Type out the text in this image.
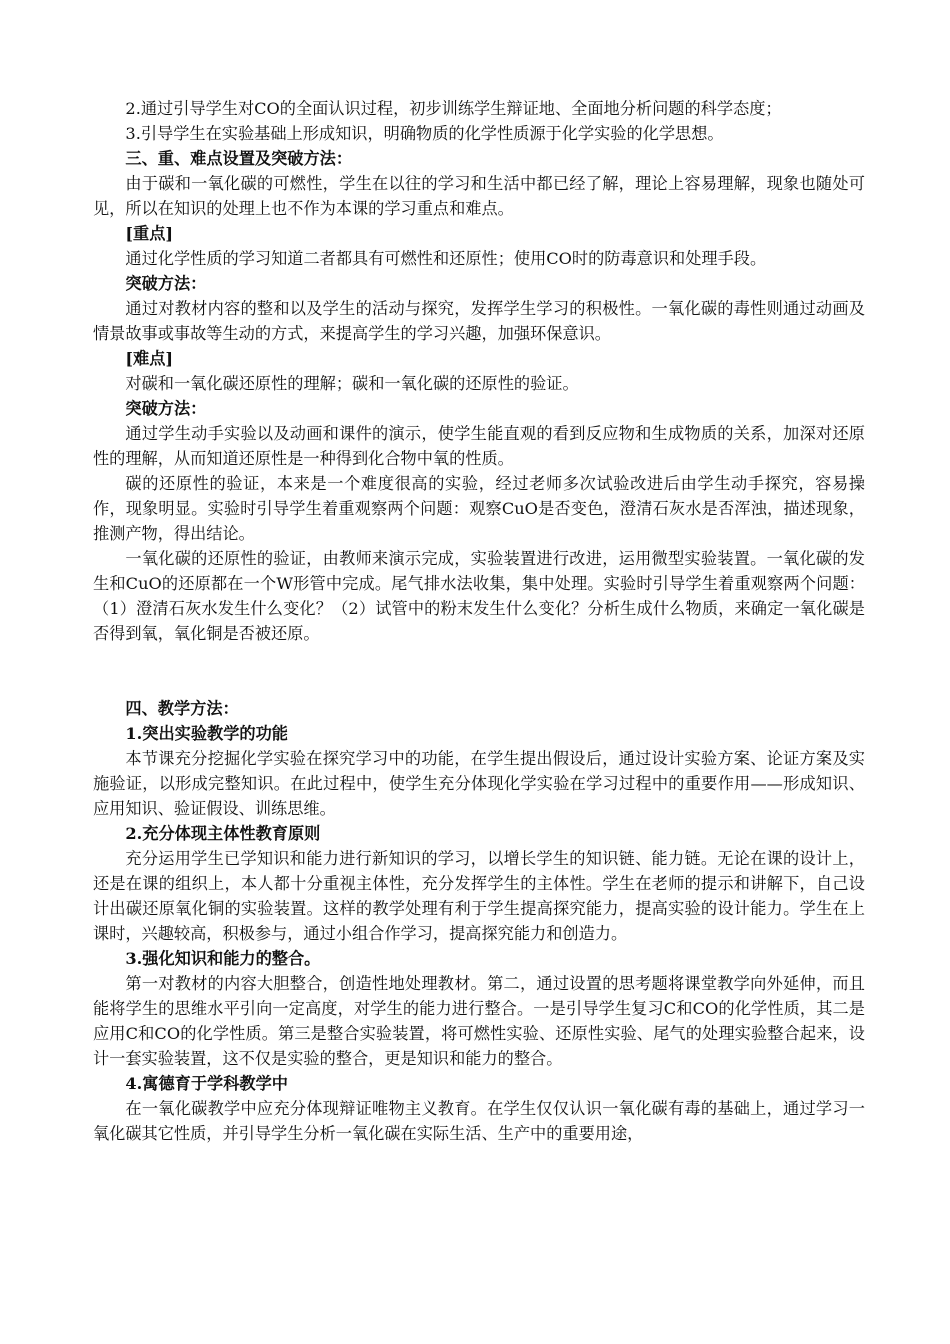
2.通过引导学生对CO的全面认识过程，初步训练学生辩证地、全面地分析问题的科学态度；

3.引导学生在实验基础上形成知识，明确物质的化学性质源于化学实验的化学思想。

三、重、难点设置及突破方法：

由于碳和一氧化碳的可燃性，学生在以往的学习和生活中都已经了解，理论上容易理解，现象也随处可见，所以在知识的处理上也不作为本课的学习重点和难点。

[重点]

通过化学性质的学习知道二者都具有可燃性和还原性；使用CO时的防毒意识和处理手段。

突破方法：

通过对教材内容的整和以及学生的活动与探究，发挥学生学习的积极性。一氧化碳的毒性则通过动画及情景故事或事故等生动的方式，来提高学生的学习兴趣，加强环保意识。

[难点]

对碳和一氧化碳还原性的理解；碳和一氧化碳的还原性的验证。

突破方法：

通过学生动手实验以及动画和课件的演示，使学生能直观的看到反应物和生成物质的关系，加深对还原性的理解，从而知道还原性是一种得到化合物中氧的性质。

碳的还原性的验证，本来是一个难度很高的实验，经过老师多次试验改进后由学生动手探究，容易操作，现象明显。实验时引导学生着重观察两个问题：观察CuO是否变色，澄清石灰水是否浑浊，描述现象，推测产物，得出结论。

一氧化碳的还原性的验证，由教师来演示完成，实验装置进行改进，运用微型实验装置。一氧化碳的发生和CuO的还原都在一个W形管中完成。尾气排水法收集，集中处理。实验时引导学生着重观察两个问题：（1）澄清石灰水发生什么变化？（2）试管中的粉末发生什么变化？分析生成什么物质，来确定一氧化碳是否得到氧，氧化铜是否被还原。

四、教学方法：

1.突出实验教学的功能

本节课充分挖掘化学实验在探究学习中的功能，在学生提出假设后，通过设计实验方案、论证方案及实施验证，以形成完整知识。在此过程中，使学生充分体现化学实验在学习过程中的重要作用——形成知识、应用知识、验证假设、训练思维。

2.充分体现主体性教育原则

充分运用学生已学知识和能力进行新知识的学习，以增长学生的知识链、能力链。无论在课的设计上，还是在课的组织上，本人都十分重视主体性，充分发挥学生的主体性。学生在老师的提示和讲解下，自己设计出碳还原氧化铜的实验装置。这样的教学处理有利于学生提高探究能力，提高实验的设计能力。学生在上课时，兴趣较高，积极参与，通过小组合作学习，提高探究能力和创造力。

3.强化知识和能力的整合。

第一对教材的内容大胆整合，创造性地处理教材。第二，通过设置的思考题将课堂教学向外延伸，而且能将学生的思维水平引向一定高度，对学生的能力进行整合。一是引导学生复习C和CO的化学性质，其二是应用C和CO的化学性质。第三是整合实验装置，将可燃性实验、还原性实验、尾气的处理实验整合起来，设计一套实验装置，这不仅是实验的整合，更是知识和能力的整合。

4.寓德育于学科教学中

在一氧化碳教学中应充分体现辩证唯物主义教育。在学生仅仅认识一氧化碳有毒的基础上，通过学习一氧化碳其它性质，并引导学生分析一氧化碳在实际生活、生产中的重要用途，
